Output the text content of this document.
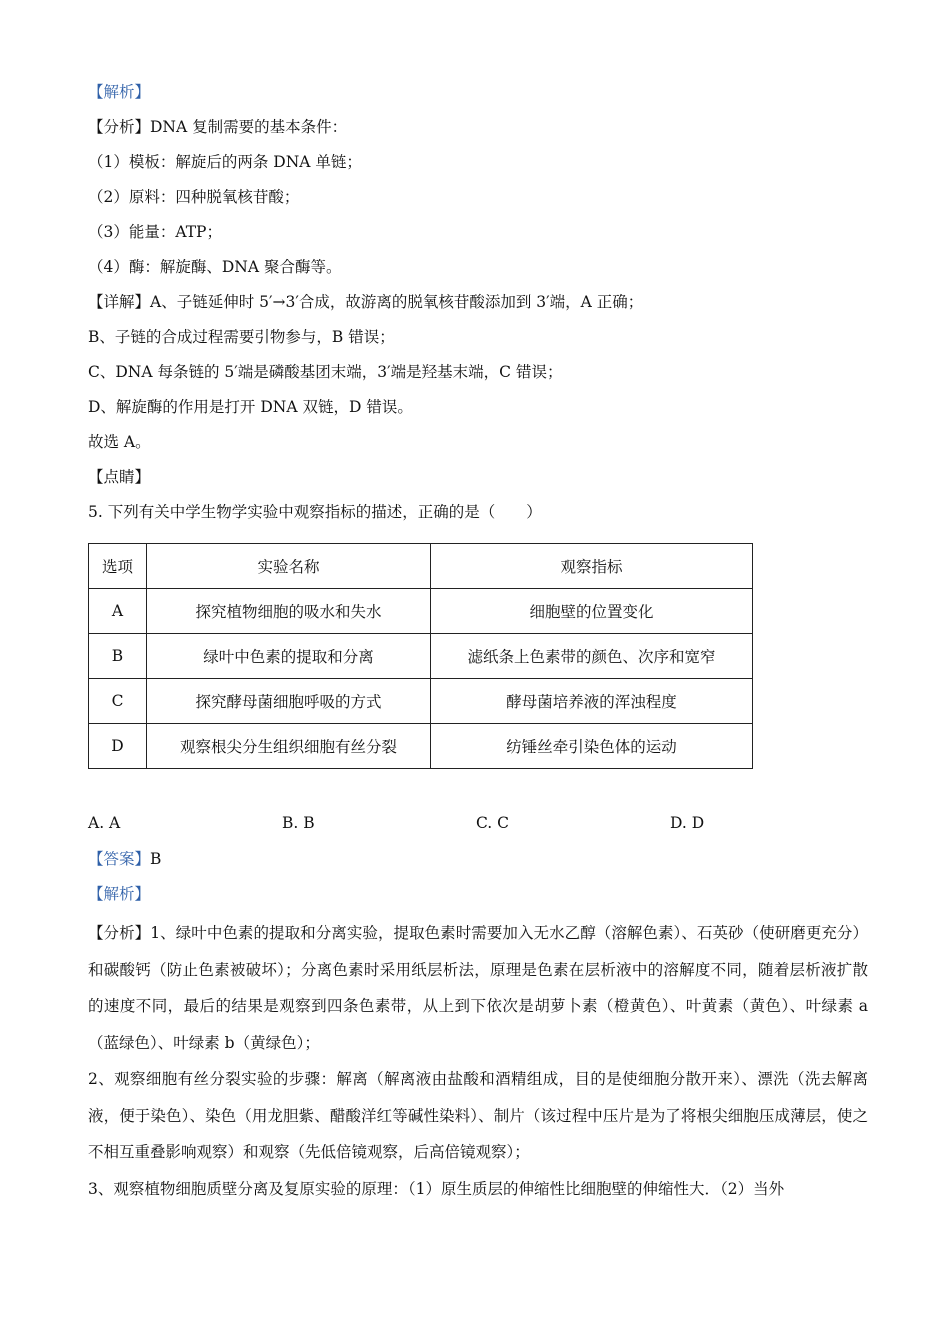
【解析】
【分析】DNA 复制需要的基本条件：
（1）模板：解旋后的两条 DNA 单链；
（2）原料：四种脱氧核苷酸；
（3）能量：ATP；
（4）酶：解旋酶、DNA 聚合酶等。
【详解】A、子链延伸时 5′→3′合成，故游离的脱氧核苷酸添加到 3′端，A 正确；
B、子链的合成过程需要引物参与，B 错误；
C、DNA 每条链的 5′端是磷酸基团末端，3′端是羟基末端，C 错误；
D、解旋酶的作用是打开 DNA 双链，D 错误。
故选 A。
【点睛】
5. 下列有关中学生物学实验中观察指标的描述，正确的是（　　）
选项	实验名称	观察指标
A	探究植物细胞的吸水和失水	细胞壁的位置变化
B	绿叶中色素的提取和分离	滤纸条上色素带的颜色、次序和宽窄
C	探究酵母菌细胞呼吸的方式	酵母菌培养液的浑浊程度
D	观察根尖分生组织细胞有丝分裂	纺锤丝牵引染色体的运动
A. A	B. B	C. C	D. D
【答案】B
【解析】
【分析】1、绿叶中色素的提取和分离实验，提取色素时需要加入无水乙醇（溶解色素）、石英砂（使研磨更充分）和碳酸钙（防止色素被破坏）；分离色素时采用纸层析法，原理是色素在层析液中的溶解度不同，随着层析液扩散的速度不同，最后的结果是观察到四条色素带，从上到下依次是胡萝卜素（橙黄色）、叶黄素（黄色）、叶绿素 a（蓝绿色）、叶绿素 b（黄绿色）；
2、观察细胞有丝分裂实验的步骤：解离（解离液由盐酸和酒精组成，目的是使细胞分散开来）、漂洗（洗去解离液，便于染色）、染色（用龙胆紫、醋酸洋红等碱性染料）、制片（该过程中压片是为了将根尖细胞压成薄层，使之不相互重叠影响观察）和观察（先低倍镜观察，后高倍镜观察）；
3、观察植物细胞质壁分离及复原实验的原理：（1）原生质层的伸缩性比细胞壁的伸缩性大．（2）当外
